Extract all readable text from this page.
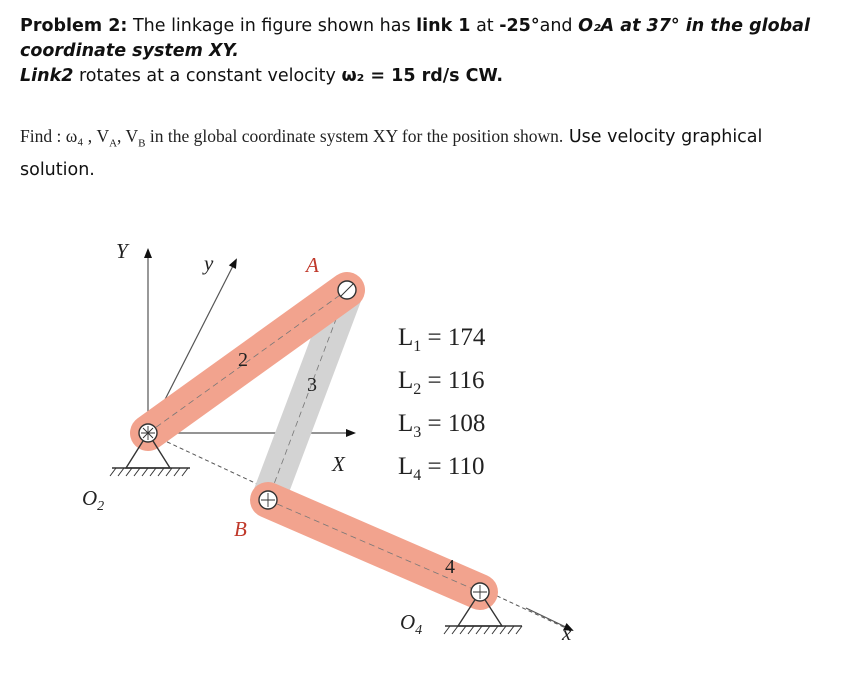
Problem 2: The linkage in figure shown has link 1 at -25°and O₂A at 37° in the global
coordinate system XY.
Link2 rotates at a constant velocity ω₂ = 15 rd/s CW.
Find : ω₄ , $V_A$, $V_B$ in the global coordinate system XY for the position shown. Use velocity graphical
solution.
Y	y	A
B
X
x
$O_2$
$O_4$
2
3
4
$L_1 = 174$
$L_2 = 116$
$L_3 = 108$
$L_4 = 110$
